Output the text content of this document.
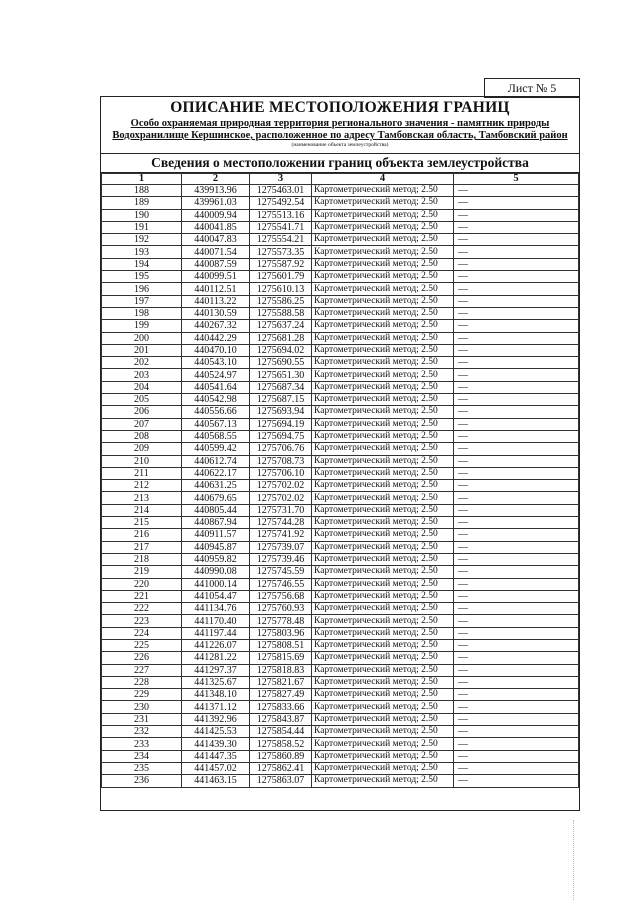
Лист № 5
ОПИСАНИЕ МЕСТОПОЛОЖЕНИЯ ГРАНИЦ
Особо охраняемая природная территория регионального значения - памятник природы
Водохранилище Кершинское, расположенное по адресу Тамбовская область, Тамбовский район
(наименование объекта землеустройства)
Сведения о местоположении границ объекта землеустройства
1	2	3	4	5
188	439913.96	1275463.01	Картометрический метод; 2.50	—
189	439961.03	1275492.54	Картометрический метод; 2.50	—
190	440009.94	1275513.16	Картометрический метод; 2.50	—
191	440041.85	1275541.71	Картометрический метод; 2.50	—
192	440047.83	1275554.21	Картометрический метод; 2.50	—
193	440071.54	1275573.35	Картометрический метод; 2.50	—
194	440087.59	1275587.92	Картометрический метод; 2.50	—
195	440099.51	1275601.79	Картометрический метод; 2.50	—
196	440112.51	1275610.13	Картометрический метод; 2.50	—
197	440113.22	1275586.25	Картометрический метод; 2.50	—
198	440130.59	1275588.58	Картометрический метод; 2.50	—
199	440267.32	1275637.24	Картометрический метод; 2.50	—
200	440442.29	1275681.28	Картометрический метод; 2.50	—
201	440470.10	1275694.02	Картометрический метод; 2.50	—
202	440543.10	1275690.55	Картометрический метод; 2.50	—
203	440524.97	1275651.30	Картометрический метод; 2.50	—
204	440541.64	1275687.34	Картометрический метод; 2.50	—
205	440542.98	1275687.15	Картометрический метод; 2.50	—
206	440556.66	1275693.94	Картометрический метод; 2.50	—
207	440567.13	1275694.19	Картометрический метод; 2.50	—
208	440568.55	1275694.75	Картометрический метод; 2.50	—
209	440599.42	1275706.76	Картометрический метод; 2.50	—
210	440612.74	1275708.73	Картометрический метод; 2.50	—
211	440622.17	1275706.10	Картометрический метод; 2.50	—
212	440631.25	1275702.02	Картометрический метод; 2.50	—
213	440679.65	1275702.02	Картометрический метод; 2.50	—
214	440805.44	1275731.70	Картометрический метод; 2.50	—
215	440867.94	1275744.28	Картометрический метод; 2.50	—
216	440911.57	1275741.92	Картометрический метод; 2.50	—
217	440945.87	1275739.07	Картометрический метод; 2.50	—
218	440959.82	1275739.46	Картометрический метод; 2.50	—
219	440990.08	1275745.59	Картометрический метод; 2.50	—
220	441000.14	1275746.55	Картометрический метод; 2.50	—
221	441054.47	1275756.68	Картометрический метод; 2.50	—
222	441134.76	1275760.93	Картометрический метод; 2.50	—
223	441170.40	1275778.48	Картометрический метод; 2.50	—
224	441197.44	1275803.96	Картометрический метод; 2.50	—
225	441226.07	1275808.51	Картометрический метод; 2.50	—
226	441281.22	1275815.69	Картометрический метод; 2.50	—
227	441297.37	1275818.83	Картометрический метод; 2.50	—
228	441325.67	1275821.67	Картометрический метод; 2.50	—
229	441348.10	1275827.49	Картометрический метод; 2.50	—
230	441371.12	1275833.66	Картометрический метод; 2.50	—
231	441392.96	1275843.87	Картометрический метод; 2.50	—
232	441425.53	1275854.44	Картометрический метод; 2.50	—
233	441439.30	1275858.52	Картометрический метод; 2.50	—
234	441447.35	1275860.89	Картометрический метод; 2.50	—
235	441457.02	1275862.41	Картометрический метод; 2.50	—
236	441463.15	1275863.07	Картометрический метод; 2.50	—
